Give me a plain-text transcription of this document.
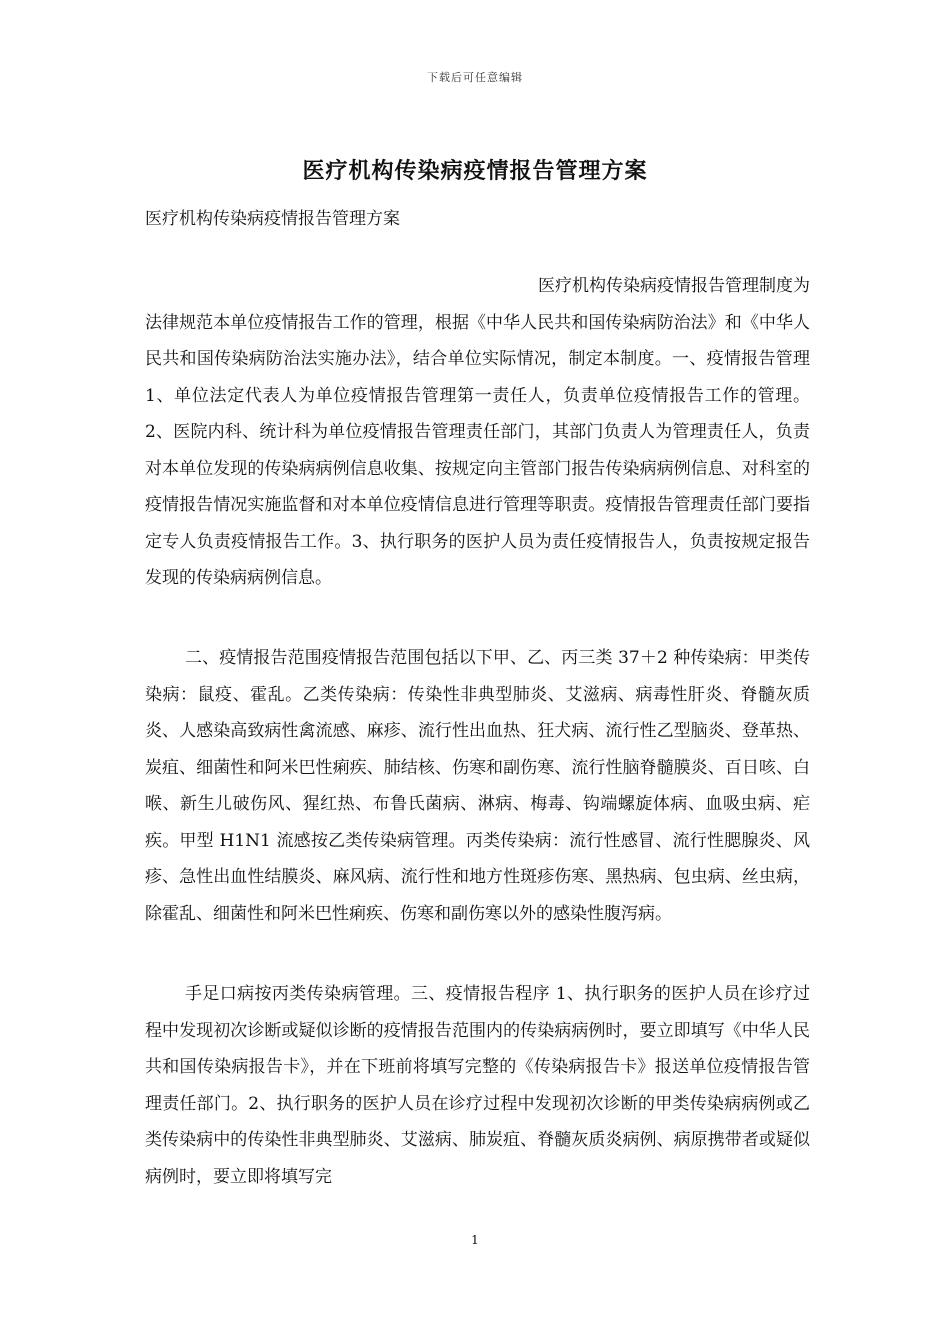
下载后可任意编辑
医疗机构传染病疫情报告管理方案
医疗机构传染病疫情报告管理方案

医疗机构传染病疫情报告管理制度为
法律规范本单位疫情报告工作的管理，根据《中华人民共和国传染病防治法》和《中华人民共和国传染病防治法实施办法》，结合单位实际情况，制定本制度。一、疫情报告管理 1、单位法定代表人为单位疫情报告管理第一责任人，负责单位疫情报告工作的管理。2、医院内科、统计科为单位疫情报告管理责任部门，其部门负责人为管理责任人，负责对本单位发现的传染病病例信息收集、按规定向主管部门报告传染病病例信息、对科室的疫情报告情况实施监督和对本单位疫情信息进行管理等职责。疫情报告管理责任部门要指定专人负责疫情报告工作。3、执行职务的医护人员为责任疫情报告人，负责按规定报告发现的传染病病例信息。

二、疫情报告范围疫情报告范围包括以下甲、乙、丙三类 37＋2 种传染病：甲类传染病：鼠疫、霍乱。乙类传染病：传染性非典型肺炎、艾滋病、病毒性肝炎、脊髓灰质炎、人感染高致病性禽流感、麻疹、流行性出血热、狂犬病、流行性乙型脑炎、登革热、炭疽、细菌性和阿米巴性痢疾、肺结核、伤寒和副伤寒、流行性脑脊髓膜炎、百日咳、白喉、新生儿破伤风、猩红热、布鲁氏菌病、淋病、梅毒、钩端螺旋体病、血吸虫病、疟疾。甲型 H1N1 流感按乙类传染病管理。丙类传染病：流行性感冒、流行性腮腺炎、风疹、急性出血性结膜炎、麻风病、流行性和地方性斑疹伤寒、黑热病、包虫病、丝虫病，除霍乱、细菌性和阿米巴性痢疾、伤寒和副伤寒以外的感染性腹泻病。

手足口病按丙类传染病管理。三、疫情报告程序 1、执行职务的医护人员在诊疗过程中发现初次诊断或疑似诊断的疫情报告范围内的传染病病例时，要立即填写《中华人民共和国传染病报告卡》，并在下班前将填写完整的《传染病报告卡》报送单位疫情报告管理责任部门。2、执行职务的医护人员在诊疗过程中发现初次诊断的甲类传染病病例或乙类传染病中的传染性非典型肺炎、艾滋病、肺炭疽、脊髓灰质炎病例、病原携带者或疑似病例时，要立即将填写完

1
